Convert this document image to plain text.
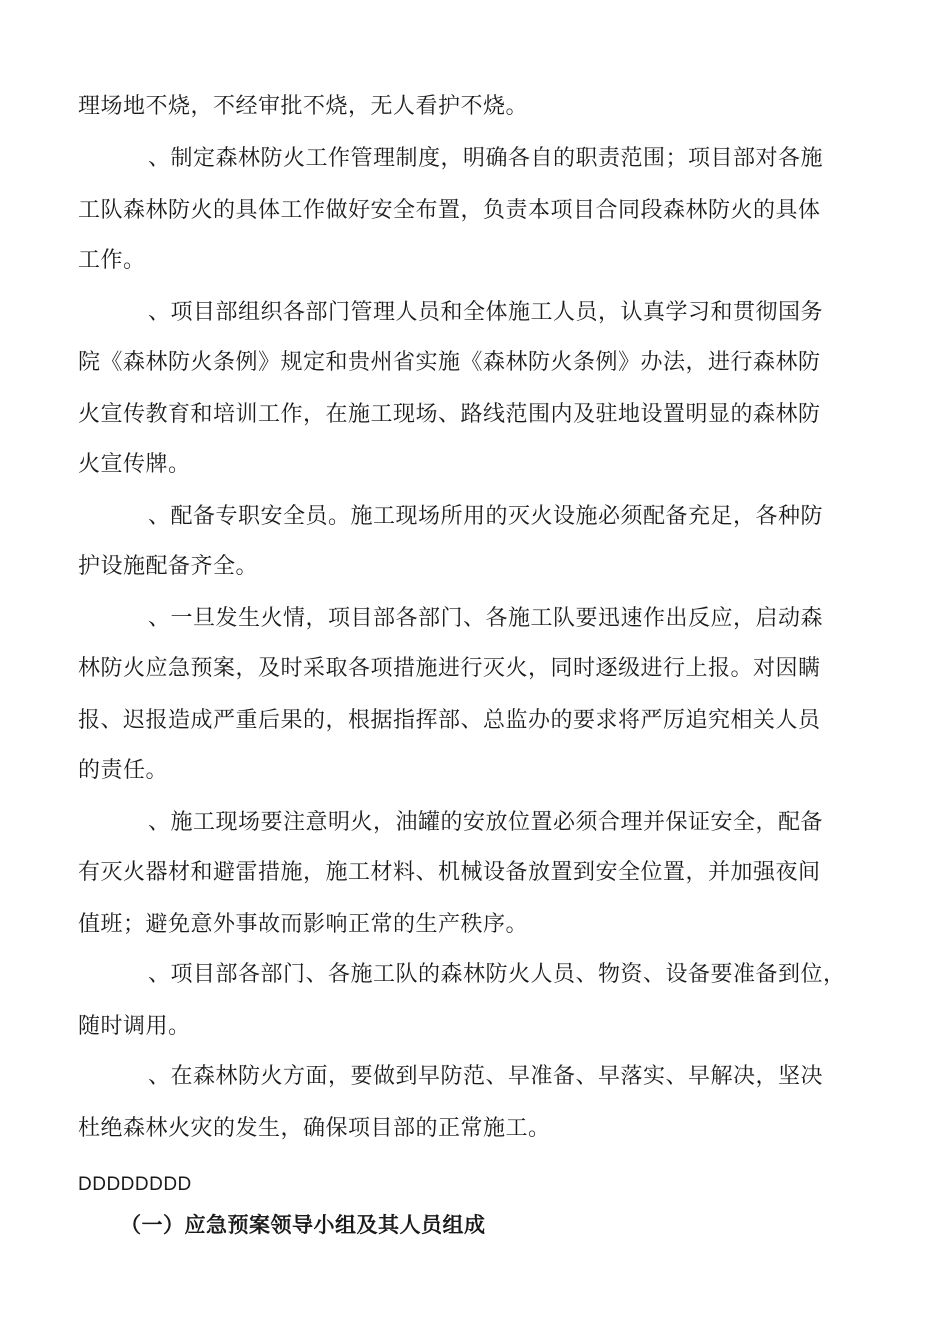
理场地不烧，不经审批不烧，无人看护不烧。
、制定森林防火工作管理制度，明确各自的职责范围；项目部对各施
工队森林防火的具体工作做好安全布置，负责本项目合同段森林防火的具体
工作。
、项目部组织各部门管理人员和全体施工人员，认真学习和贯彻国务
院《森林防火条例》规定和贵州省实施《森林防火条例》办法，进行森林防
火宣传教育和培训工作，在施工现场、路线范围内及驻地设置明显的森林防
火宣传牌。
、配备专职安全员。施工现场所用的灭火设施必须配备充足，各种防
护设施配备齐全。
、一旦发生火情，项目部各部门、各施工队要迅速作出反应，启动森
林防火应急预案，及时采取各项措施进行灭火，同时逐级进行上报。对因瞒
报、迟报造成严重后果的，根据指挥部、总监办的要求将严厉追究相关人员
的责任。
、施工现场要注意明火，油罐的安放位置必须合理并保证安全，配备
有灭火器材和避雷措施，施工材料、机械设备放置到安全位置，并加强夜间
值班；避免意外事故而影响正常的生产秩序。
、项目部各部门、各施工队的森林防火人员、物资、设备要准备到位，
随时调用。
、在森林防火方面，要做到早防范、早准备、早落实、早解决，坚决
杜绝森林火灾的发生，确保项目部的正常施工。
DDDDDDDD
（一）应急预案领导小组及其人员组成
